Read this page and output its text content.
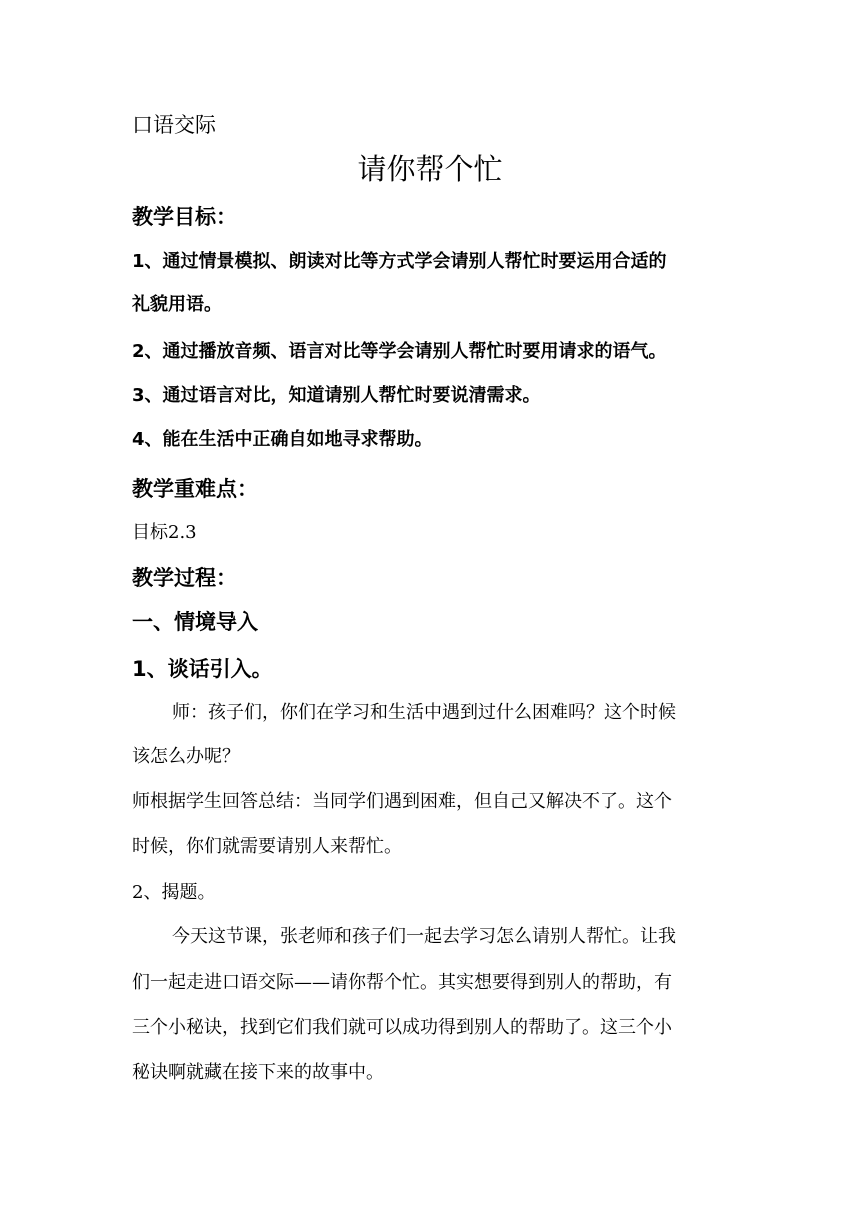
口语交际
请你帮个忙
教学目标：
1、通过情景模拟、朗读对比等方式学会请别人帮忙时要运用合适的
礼貌用语。
2、通过播放音频、语言对比等学会请别人帮忙时要用请求的语气。
3、通过语言对比，知道请别人帮忙时要说清需求。
4、能在生活中正确自如地寻求帮助。
教学重难点：
目标2.3
教学过程：
一、情境导入
1、谈话引入。
师：孩子们，你们在学习和生活中遇到过什么困难吗？这个时候
该怎么办呢？
师根据学生回答总结：当同学们遇到困难，但自己又解决不了。这个
时候，你们就需要请别人来帮忙。
2、揭题。
今天这节课，张老师和孩子们一起去学习怎么请别人帮忙。让我
们一起走进口语交际——请你帮个忙。其实想要得到别人的帮助，有
三个小秘诀，找到它们我们就可以成功得到别人的帮助了。这三个小
秘诀啊就藏在接下来的故事中。
